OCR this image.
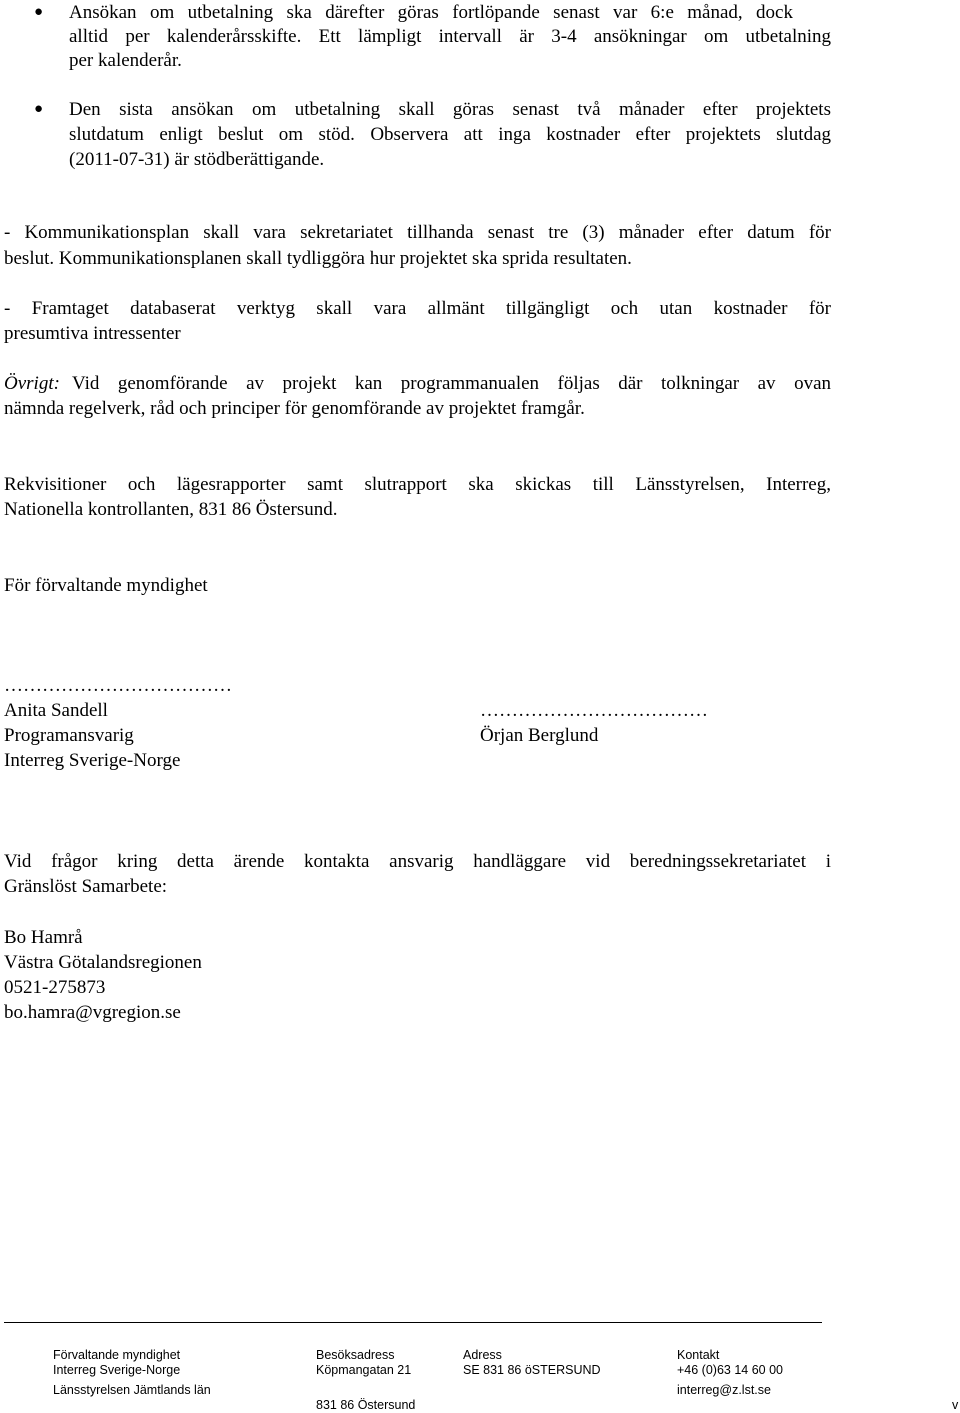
● Ansökan om utbetalning ska därefter göras fortlöpande senast var 6:e månad, dock
alltid per kalenderårsskifte. Ett lämpligt intervall är 3-4 ansökningar om utbetalning
per kalenderår.
● Den sista ansökan om utbetalning skall göras senast två månader efter projektets
slutdatum enligt beslut om stöd. Observera att inga kostnader efter projektets slutdag
(2011-07-31) är stödberättigande.
- Kommunikationsplan skall vara sekretariatet tillhanda senast tre (3) månader efter datum för
beslut. Kommunikationsplanen skall tydliggöra hur projektet ska sprida resultaten.
- Framtaget databaserat verktyg skall vara allmänt tillgängligt och utan kostnader för
presumtiva intressenter
Övrigt: Vid genomförande av projekt kan programmanualen följas där tolkningar av ovan
nämnda regelverk, råd och principer för genomförande av projektet framgår.
Rekvisitioner och lägesrapporter samt slutrapport ska skickas till Länsstyrelsen, Interreg,
Nationella kontrollanten, 831 86 Östersund.
För förvaltande myndighet
………………………………
Anita Sandell
Programansvarig
Interreg Sverige-Norge
………………………………
Örjan Berglund
Vid frågor kring detta ärende kontakta ansvarig handläggare vid beredningssekretariatet i
Gränslöst Samarbete:
Bo Hamrå
Västra Götalandsregionen
0521-275873
bo.hamra@vgregion.se
Förvaltande myndighet
Interreg Sverige-Norge
Länsstyrelsen Jämtlands län
Besöksadress
Köpmangatan 21
831 86 Östersund
Adress
SE 831 86 öSTERSUND
Kontakt
+46 (0)63 14 60 00
interreg@z.lst.se
v
